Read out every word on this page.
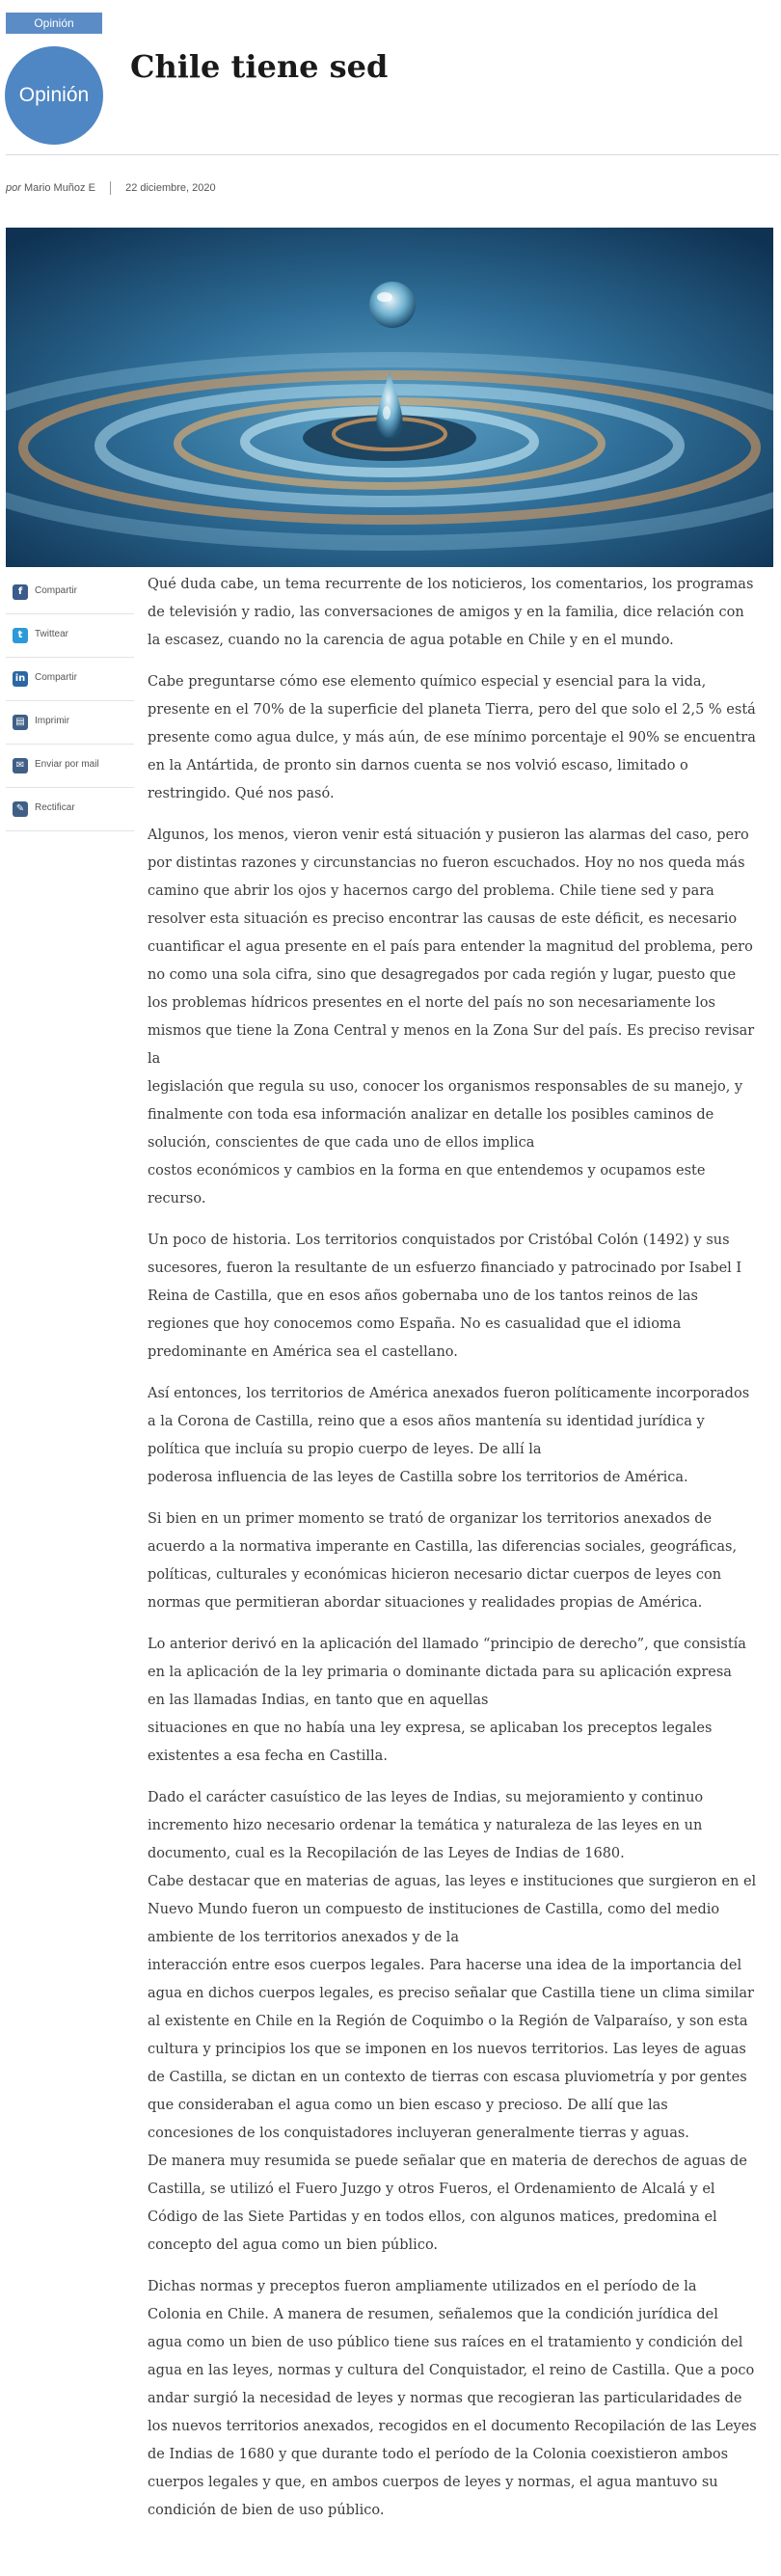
Opinión
Opinión
Chile tiene sed
por Mario Muñoz E	22 diciembre, 2020
f	Compartir
t	Twittear
in Compartir
▤	Imprimir
✉	Enviar por mail
✎	Rectificar

Qué duda cabe, un tema recurrente de los noticieros, los comentarios, los programas
de televisión y radio, las conversaciones de amigos y en la familia, dice relación con
la escasez, cuando no la carencia de agua potable en Chile y en el mundo.

Cabe preguntarse cómo ese elemento químico especial y esencial para la vida,
presente en el 70% de la superficie del planeta Tierra, pero del que solo el 2,5 % está
presente como agua dulce, y más aún, de ese mínimo porcentaje el 90% se encuentra
en la Antártida, de pronto sin darnos cuenta se nos volvió escaso, limitado o
restringido. Qué nos pasó.

Algunos, los menos, vieron venir está situación y pusieron las alarmas del caso, pero
por distintas razones y circunstancias no fueron escuchados. Hoy no nos queda más
camino que abrir los ojos y hacernos cargo del problema. Chile tiene sed y para
resolver esta situación es preciso encontrar las causas de este déficit, es necesario
cuantificar el agua presente en el país para entender la magnitud del problema, pero
no como una sola cifra, sino que desagregados por cada región y lugar, puesto que
los problemas hídricos presentes en el norte del país no son necesariamente los
mismos que tiene la Zona Central y menos en la Zona Sur del país. Es preciso revisar
la
legislación que regula su uso, conocer los organismos responsables de su manejo, y
finalmente con toda esa información analizar en detalle los posibles caminos de
solución, conscientes de que cada uno de ellos implica
costos económicos y cambios en la forma en que entendemos y ocupamos este
recurso.

Un poco de historia. Los territorios conquistados por Cristóbal Colón (1492) y sus
sucesores, fueron la resultante de un esfuerzo financiado y patrocinado por Isabel I
Reina de Castilla, que en esos años gobernaba uno de los tantos reinos de las
regiones que hoy conocemos como España. No es casualidad que el idioma
predominante en América sea el castellano.

Así entonces, los territorios de América anexados fueron políticamente incorporados
a la Corona de Castilla, reino que a esos años mantenía su identidad jurídica y
política que incluía su propio cuerpo de leyes. De allí la
poderosa influencia de las leyes de Castilla sobre los territorios de América.

Si bien en un primer momento se trató de organizar los territorios anexados de
acuerdo a la normativa imperante en Castilla, las diferencias sociales, geográficas,
políticas, culturales y económicas hicieron necesario dictar cuerpos de leyes con
normas que permitieran abordar situaciones y realidades propias de América.

Lo anterior derivó en la aplicación del llamado “principio de derecho”, que consistía
en la aplicación de la ley primaria o dominante dictada para su aplicación expresa
en las llamadas Indias, en tanto que en aquellas
situaciones en que no había una ley expresa, se aplicaban los preceptos legales
existentes a esa fecha en Castilla.

Dado el carácter casuístico de las leyes de Indias, su mejoramiento y continuo
incremento hizo necesario ordenar la temática y naturaleza de las leyes en un
documento, cual es la Recopilación de las Leyes de Indias de 1680.
Cabe destacar que en materias de aguas, las leyes e instituciones que surgieron en el
Nuevo Mundo fueron un compuesto de instituciones de Castilla, como del medio
ambiente de los territorios anexados y de la
interacción entre esos cuerpos legales. Para hacerse una idea de la importancia del
agua en dichos cuerpos legales, es preciso señalar que Castilla tiene un clima similar
al existente en Chile en la Región de Coquimbo o la Región de Valparaíso, y son esta
cultura y principios los que se imponen en los nuevos territorios. Las leyes de aguas
de Castilla, se dictan en un contexto de tierras con escasa pluviometría y por gentes
que consideraban el agua como un bien escaso y precioso. De allí que las
concesiones de los conquistadores incluyeran generalmente tierras y aguas.

De manera muy resumida se puede señalar que en materia de derechos de aguas de
Castilla, se utilizó el Fuero Juzgo y otros Fueros, el Ordenamiento de Alcalá y el
Código de las Siete Partidas y en todos ellos, con algunos matices, predomina el
concepto del agua como un bien público.

Dichas normas y preceptos fueron ampliamente utilizados en el período de la
Colonia en Chile. A manera de resumen, señalemos que la condición jurídica del
agua como un bien de uso público tiene sus raíces en el tratamiento y condición del
agua en las leyes, normas y cultura del Conquistador, el reino de Castilla. Que a poco
andar surgió la necesidad de leyes y normas que recogieran las particularidades de
los nuevos territorios anexados, recogidos en el documento Recopilación de las Leyes
de Indias de 1680 y que durante todo el período de la Colonia coexistieron ambos
cuerpos legales y que, en ambos cuerpos de leyes y normas, el agua mantuvo su
condición de bien de uso público.
